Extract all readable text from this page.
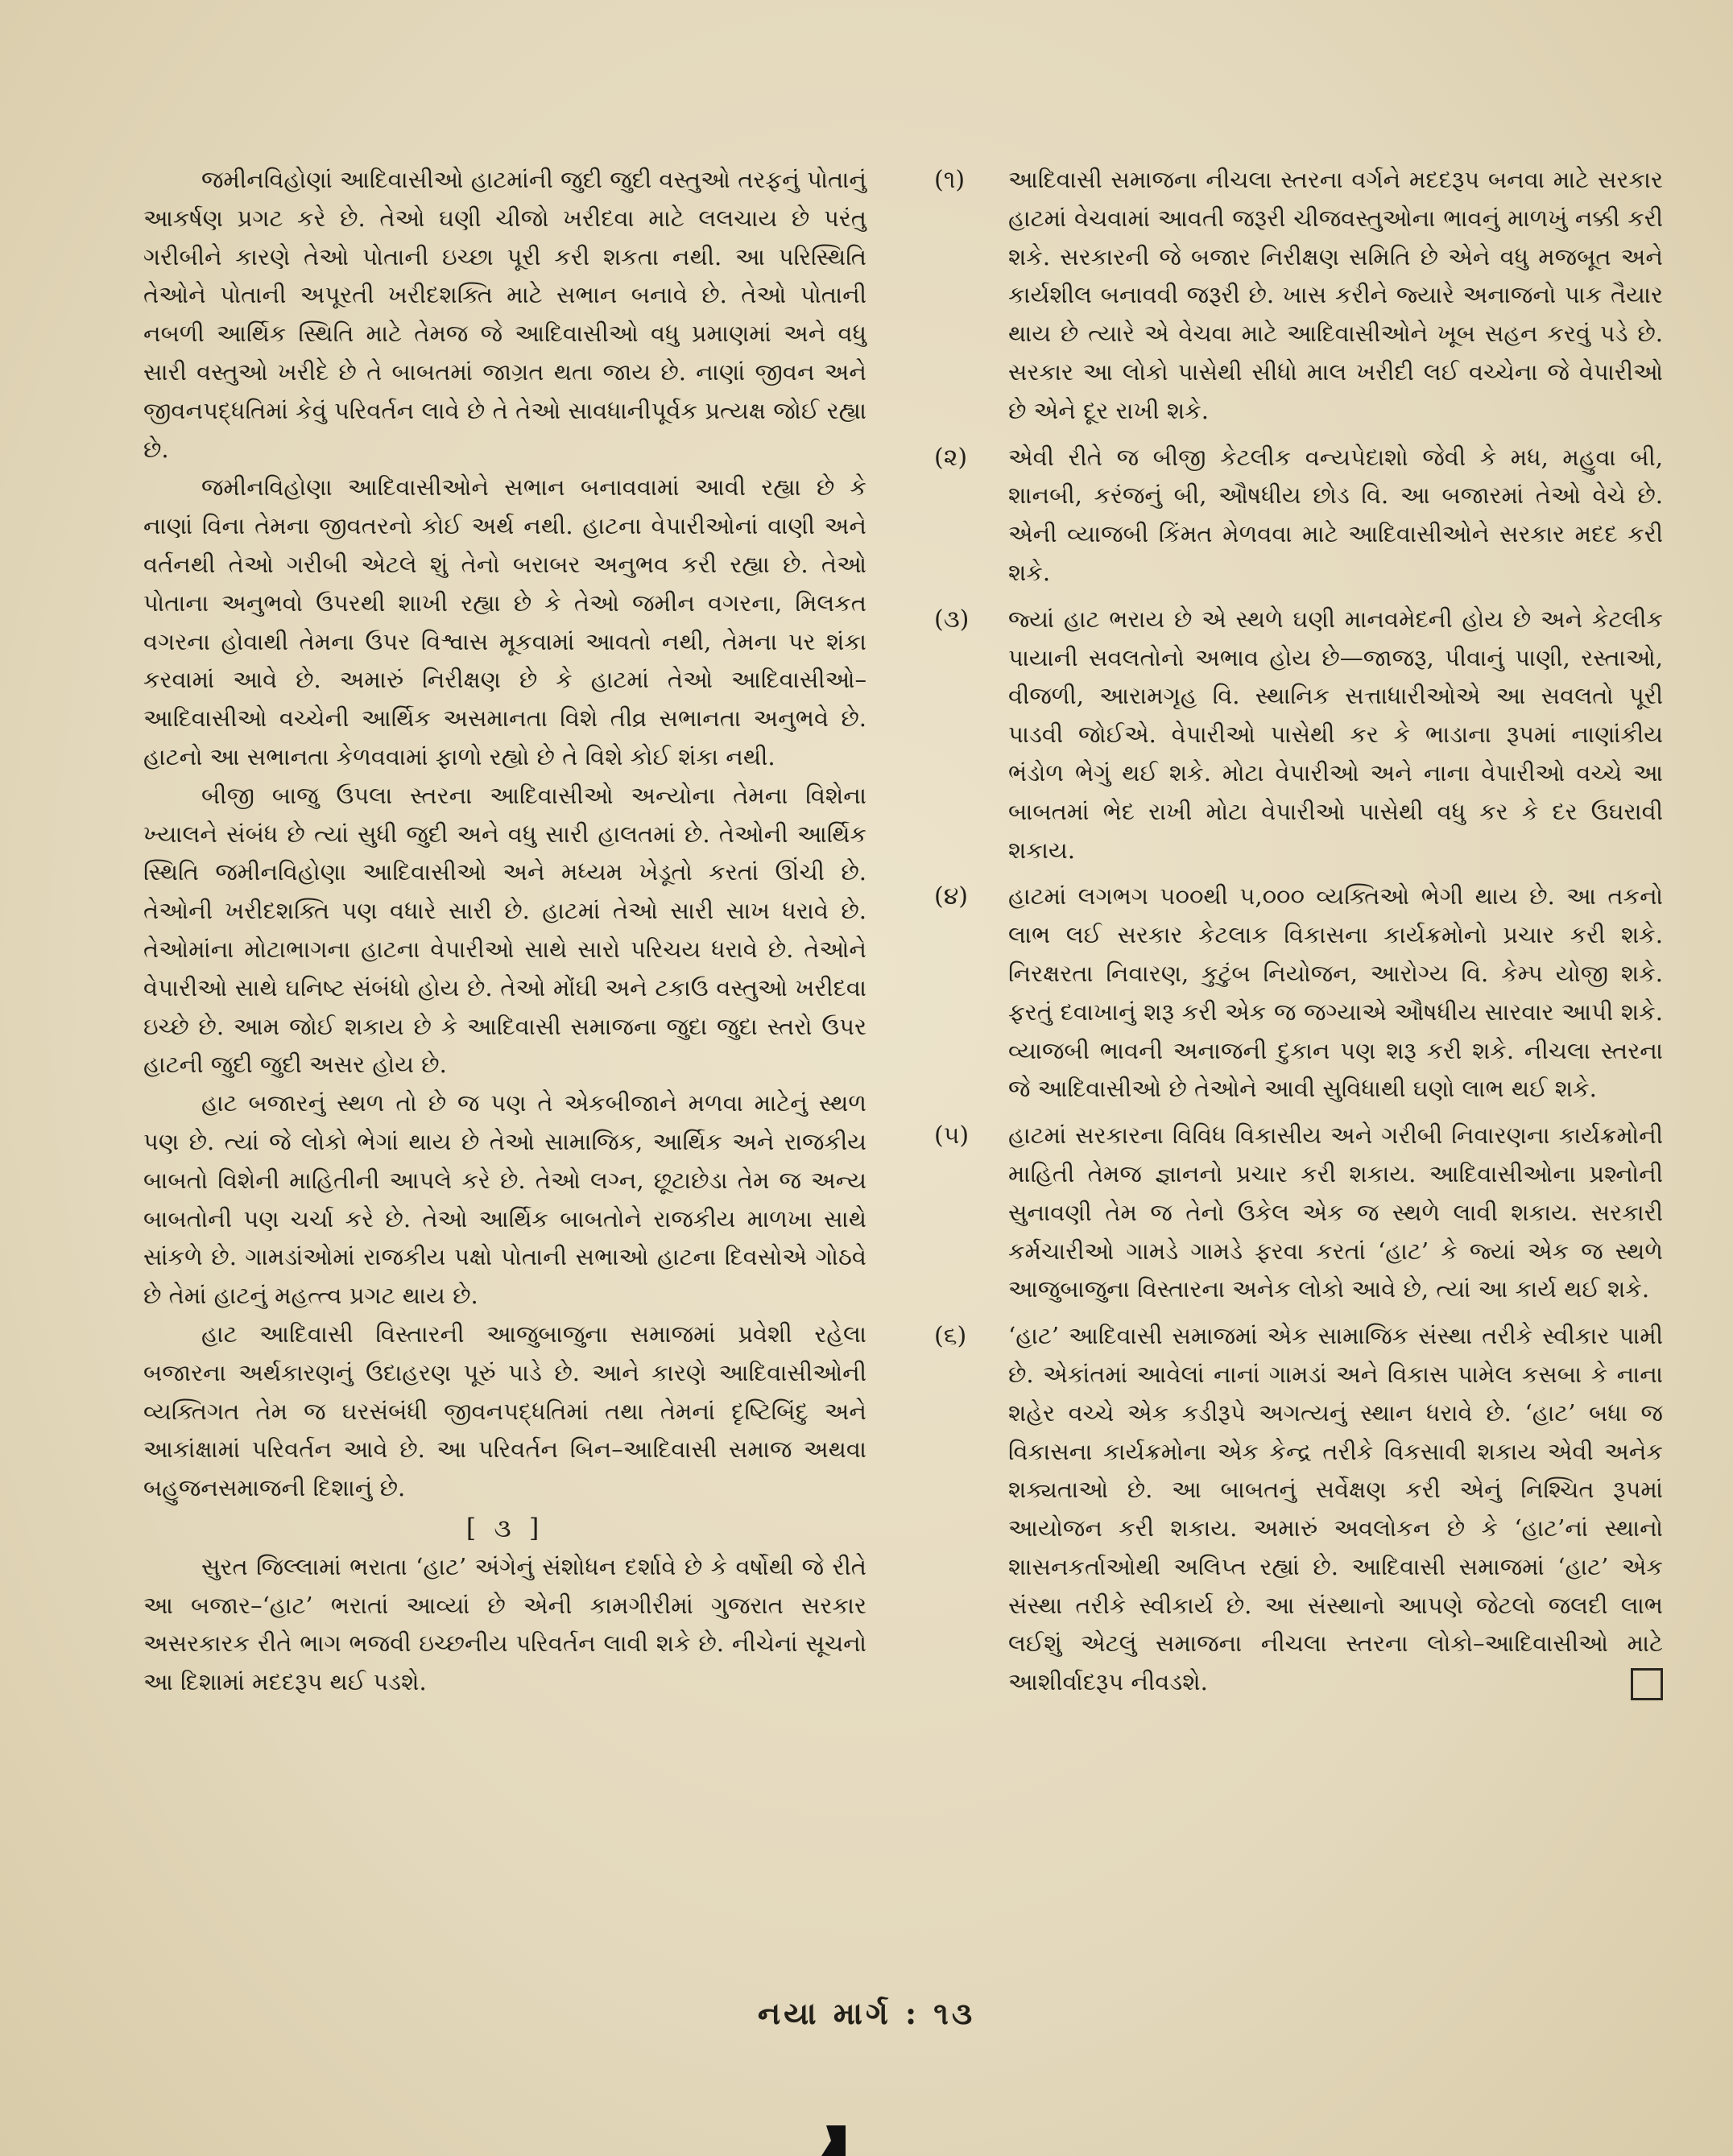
જમીનવિહોણાં આદિવાસીઓ હાટમાંની જુદી જુદી વસ્તુઓ તરફનું પોતાનું આકર્ષણ પ્રગટ કરે છે. તેઓ ઘણી ચીજો ખરીદવા માટે લલચાય છે પરંતુ ગરીબીને કારણે તેઓ પોતાની ઇચ્છા પૂરી કરી શકતા નથી. આ પરિસ્થિતિ તેઓને પોતાની અપૂરતી ખરીદશક્તિ માટે સભાન બનાવે છે. તેઓ પોતાની નબળી આર્થિક સ્થિતિ માટે તેમજ જે આદિવાસીઓ વધુ પ્રમાણમાં અને વધુ સારી વસ્તુઓ ખરીદે છે તે બાબતમાં જાગ્રત થતા જાય છે. નાણાં જીવન અને જીવનપદ્ધતિમાં કેવું પરિવર્તન લાવે છે તે તેઓ સાવધાનીપૂર્વક પ્રત્યક્ષ જોઈ રહ્યા છે.

જમીનવિહોણા આદિવાસીઓને સભાન બનાવવામાં આવી રહ્યા છે કે નાણાં વિના તેમના જીવતરનો કોઈ અર્થ નથી. હાટના વેપારીઓનાં વાણી અને વર્તનથી તેઓ ગરીબી એટલે શું તેનો બરાબર અનુભવ કરી રહ્યા છે. તેઓ પોતાના અનુભવો ઉપરથી શાખી રહ્યા છે કે તેઓ જમીન વગરના, મિલકત વગરના હોવાથી તેમના ઉપર વિશ્વાસ મૂકવામાં આવતો નથી, તેમના પર શંકા કરવામાં આવે છે. અમારું નિરીક્ષણ છે કે હાટમાં તેઓ આદિવાસીઓ–આદિવાસીઓ વચ્ચેની આર્થિક અસમાનતા વિશે તીવ્ર સભાનતા અનુભવે છે. હાટનો આ સભાનતા કેળવવામાં ફાળો રહ્યો છે તે વિશે કોઈ શંકા નથી.

બીજી બાજુ ઉપલા સ્તરના આદિવાસીઓ અન્યોના તેમના વિશેના ખ્યાલને સંબંધ છે ત્યાં સુધી જુદી અને વધુ સારી હાલતમાં છે. તેઓની આર્થિક સ્થિતિ જમીનવિહોણા આદિવાસીઓ અને મધ્યમ ખેડૂતો કરતાં ઊંચી છે. તેઓની ખરીદશક્તિ પણ વધારે સારી છે. હાટમાં તેઓ સારી સાખ ધરાવે છે. તેઓમાંના મોટાભાગના હાટના વેપારીઓ સાથે સારો પરિચય ધરાવે છે. તેઓને વેપારીઓ સાથે ઘનિષ્ટ સંબંધો હોય છે. તેઓ મોંઘી અને ટકાઉ વસ્તુઓ ખરીદવા ઇચ્છે છે. આમ જોઈ શકાય છે કે આદિવાસી સમાજના જુદા જુદા સ્તરો ઉપર હાટની જુદી જુદી અસર હોય છે.

હાટ બજારનું સ્થળ તો છે જ પણ તે એકબીજાને મળવા માટેનું સ્થળ પણ છે. ત્યાં જે લોકો ભેગાં થાય છે તેઓ સામાજિક, આર્થિક અને રાજકીય બાબતો વિશેની માહિતીની આપલે કરે છે. તેઓ લગ્ન, છૂટાછેડા તેમ જ અન્ય બાબતોની પણ ચર્ચા કરે છે. તેઓ આર્થિક બાબતોને રાજકીય માળખા સાથે સાંકળે છે. ગામડાંઓમાં રાજકીય પક્ષો પોતાની સભાઓ હાટના દિવસોએ ગોઠવે છે તેમાં હાટનું મહત્ત્વ પ્રગટ થાય છે.

હાટ આદિવાસી વિસ્તારની આજુબાજુના સમાજમાં પ્રવેશી રહેલા બજારના અર્થકારણનું ઉદાહરણ પૂરું પાડે છે. આને કારણે આદિવાસીઓની વ્યક્તિગત તેમ જ ઘરસંબંધી જીવનપદ્ધતિમાં તથા તેમનાં દૃષ્ટિબિંદુ અને આકાંક્ષામાં પરિવર્તન આવે છે. આ પરિવર્તન બિન–આદિવાસી સમાજ અથવા બહુજનસમાજની દિશાનું છે.

[ ૩ ]

સુરત જિલ્લામાં ભરાતા ‘હાટ’ અંગેનું સંશોધન દર્શાવે છે કે વર્ષોથી જે રીતે આ બજાર–‘હાટ’ ભરાતાં આવ્યાં છે એની કામગીરીમાં ગુજરાત સરકાર અસરકારક રીતે ભાગ ભજવી ઇચ્છનીય પરિવર્તન લાવી શકે છે. નીચેનાં સૂચનો આ દિશામાં મદદરૂપ થઈ પડશે.

(૧)	આદિવાસી સમાજના નીચલા સ્તરના વર્ગને મદદરૂપ બનવા માટે સરકાર હાટમાં વેચવામાં આવતી જરૂરી ચીજવસ્તુઓના ભાવનું માળખું નક્કી કરી શકે. સરકારની જે બજાર નિરીક્ષણ સમિતિ છે એને વધુ મજબૂત અને કાર્યશીલ બનાવવી જરૂરી છે. ખાસ કરીને જ્યારે અનાજનો પાક તૈયાર થાય છે ત્યારે એ વેચવા માટે આદિવાસીઓને ખૂબ સહન કરવું પડે છે. સરકાર આ લોકો પાસેથી સીધો માલ ખરીદી લઈ વચ્ચેના જે વેપારીઓ છે એને દૂર રાખી શકે.
(૨)	એવી રીતે જ બીજી કેટલીક વન્યપેદાશો જેવી કે મધ, મહુવા બી, શાનબી, કરંજનું બી, ઔષધીય છોડ વિ. આ બજારમાં તેઓ વેચે છે. એની વ્યાજબી કિંમત મેળવવા માટે આદિવાસીઓને સરકાર મદદ કરી શકે.
(૩)	જ્યાં હાટ ભરાય છે એ સ્થળે ઘણી માનવમેદની હોય છે અને કેટલીક પાયાની સવલતોનો અભાવ હોય છે—જાજરૂ, પીવાનું પાણી, રસ્તાઓ, વીજળી, આરામગૃહ વિ. સ્થાનિક સત્તાધારીઓએ આ સવલતો પૂરી પાડવી જોઈએ. વેપારીઓ પાસેથી કર કે ભાડાના રૂપમાં નાણાંકીય ભંડોળ ભેગું થઈ શકે. મોટા વેપારીઓ અને નાના વેપારીઓ વચ્ચે આ બાબતમાં ભેદ રાખી મોટા વેપારીઓ પાસેથી વધુ કર કે દર ઉઘરાવી શકાય.
(૪)	હાટમાં લગભગ ૫૦૦થી ૫,૦૦૦ વ્યક્તિઓ ભેગી થાય છે. આ તકનો લાભ લઈ સરકાર કેટલાક વિકાસના કાર્યક્રમોનો પ્રચાર કરી શકે. નિરક્ષરતા નિવારણ, કુટુંબ નિયોજન, આરોગ્ય વિ. કેમ્પ યોજી શકે. ફરતું દવાખાનું શરૂ કરી એક જ જગ્યાએ ઔષધીય સારવાર આપી શકે. વ્યાજબી ભાવની અનાજની દુકાન પણ શરૂ કરી શકે. નીચલા સ્તરના જે આદિવાસીઓ છે તેઓને આવી સુવિધાથી ઘણો લાભ થઈ શકે.
(૫)	હાટમાં સરકારના વિવિધ વિકાસીય અને ગરીબી નિવારણના કાર્યક્રમોની માહિતી તેમજ જ્ઞાનનો પ્રચાર કરી શકાય. આદિવાસીઓના પ્રશ્નોની સુનાવણી તેમ જ તેનો ઉકેલ એક જ સ્થળે લાવી શકાય. સરકારી કર્મચારીઓ ગામડે ગામડે ફરવા કરતાં ‘હાટ’ કે જ્યાં એક જ સ્થળે આજુબાજુના વિસ્તારના અનેક લોકો આવે છે, ત્યાં આ કાર્ય થઈ શકે.
(૬)	‘હાટ’ આદિવાસી સમાજમાં એક સામાજિક સંસ્થા તરીકે સ્વીકાર પામી છે. એકાંતમાં આવેલાં નાનાં ગામડાં અને વિકાસ પામેલ કસબા કે નાના શહેર વચ્ચે એક કડીરૂપે અગત્યનું સ્થાન ધરાવે છે. ‘હાટ’ બધા જ વિકાસના કાર્યક્રમોના એક કેન્દ્ર તરીકે વિકસાવી શકાય એવી અનેક શક્યતાઓ છે. આ બાબતનું સર્વેક્ષણ કરી એનું નિશ્ચિત રૂપમાં આયોજન કરી શકાય. અમારું અવલોકન છે કે ‘હાટ’નાં સ્થાનો શાસનકર્તાઓથી અલિપ્ત રહ્યાં છે. આદિવાસી સમાજમાં ‘હાટ’ એક સંસ્થા તરીકે સ્વીકાર્ય છે. આ સંસ્થાનો આપણે જેટલો જલદી લાભ લઈશું એટલું સમાજના નીચલા સ્તરના લોકો–આદિવાસીઓ માટે આશીર્વાદરૂપ નીવડશે.
નયા માર્ગ : ૧૩
